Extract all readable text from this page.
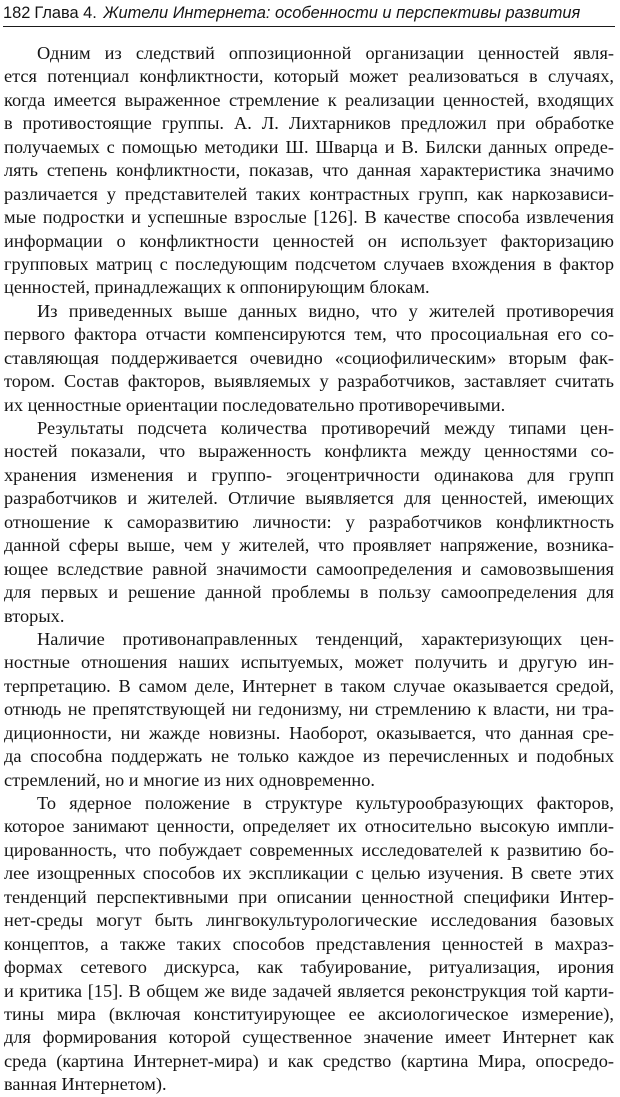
182 Глава 4. Жители Интернета: особенности и перспективы развития
Одним из следствий оппозиционной организации ценностей явля-
ется потенциал конфликтности, который может реализоваться в случаях,
когда имеется выраженное стремление к реализации ценностей, входящих
в противостоящие группы. А. Л. Лихтарников предложил при обработке
получаемых с помощью методики Ш. Шварца и В. Билски данных опреде-
лять степень конфликтности, показав, что данная характеристика значимо
различается у представителей таких контрастных групп, как наркозависи-
мые подростки и успешные взрослые [126]. В качестве способа извлечения
информации о конфликтности ценностей он использует факторизацию
групповых матриц с последующим подсчетом случаев вхождения в фактор
ценностей, принадлежащих к оппонирующим блокам.
Из приведенных выше данных видно, что у жителей противоречия
первого фактора отчасти компенсируются тем, что просоциальная его со-
ставляющая поддерживается очевидно «социофилическим» вторым фак-
тором. Состав факторов, выявляемых у разработчиков, заставляет считать
их ценностные ориентации последовательно противоречивыми.
Результаты подсчета количества противоречий между типами цен-
ностей показали, что выраженность конфликта между ценностями со-
хранения изменения и группо- эгоцентричности одинакова для групп
разработчиков и жителей. Отличие выявляется для ценностей, имеющих
отношение к саморазвитию личности: у разработчиков конфликтность
данной сферы выше, чем у жителей, что проявляет напряжение, возника-
ющее вследствие равной значимости самоопределения и самовозвышения
для первых и решение данной проблемы в пользу самоопределения для
вторых.
Наличие противонаправленных тенденций, характеризующих цен-
ностные отношения наших испытуемых, может получить и другую ин-
терпретацию. В самом деле, Интернет в таком случае оказывается средой,
отнюдь не препятствующей ни гедонизму, ни стремлению к власти, ни тра-
диционности, ни жажде новизны. Наоборот, оказывается, что данная сре-
да способна поддержать не только каждое из перечисленных и подобных
стремлений, но и многие из них одновременно.
То ядерное положение в структуре культурообразующих факторов,
которое занимают ценности, определяет их относительно высокую импли-
цированность, что побуждает современных исследователей к развитию бо-
лее изощренных способов их экспликации с целью изучения. В свете этих
тенденций перспективными при описании ценностной специфики Интер-
нет-среды могут быть лингвокультурологические исследования базовых
концептов, а также таких способов представления ценностей в махраз-
формах сетевого дискурса, как табуирование, ритуализация, ирония
и критика [15]. В общем же виде задачей является реконструкция той карти-
тины мира (включая конституирующее ее аксиологическое измерение),
для формирования которой существенное значение имеет Интернет как
среда (картина Интернет-мира) и как средство (картина Мира, опосредо-
ванная Интернетом).
